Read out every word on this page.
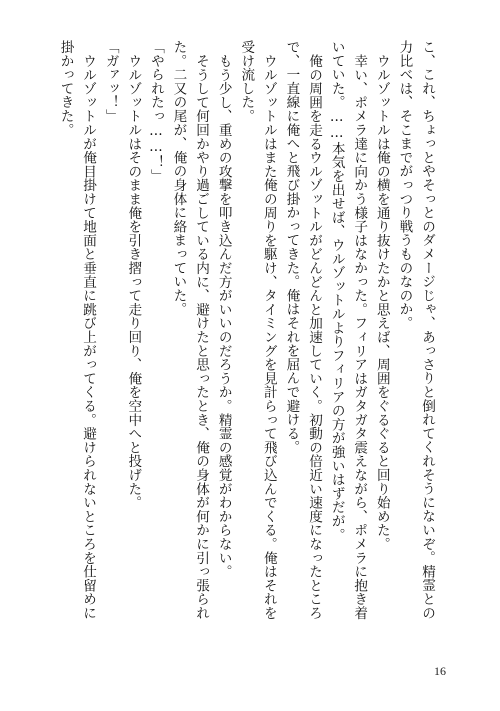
こ、これ、ちょっとやそっとのダメージじゃ、あっさりと倒れてくれそうにないぞ。精霊との力比べは、そこまでがっつり戦うものなのか。

ウルゾットルは俺の横を通り抜けたかと思えば、周囲をぐるぐると回り始めた。

幸い、ポメラ達に向かう様子はなかった。フィリアはガタガタ震えながら、ポメラに抱き着いていた。……本気を出せば、ウルゾットルよりフィリアの方が強いはずだが。

俺の周囲を走るウルゾットルがどんどんと加速していく。初動の倍近い速度になったところで、一直線に俺へと飛び掛かってきた。俺はそれを屈んで避ける。

ウルゾットルはまた俺の周りを駆け、タイミングを見計らって飛び込んでくる。俺はそれを受け流した。

もう少し、重めの攻撃を叩き込んだ方がいいのだろうか。精霊の感覚がわからない。

そうして何回かやり過ごしている内に、避けたと思ったとき、俺の身体が何かに引っ張られた。二又の尾が、俺の身体に絡まっていた。

「やられたっ……！」

ウルゾットルはそのまま俺を引き摺って走り回り、俺を空中へと投げた。

「ガァッ！」

ウルゾットルが俺目掛けて地面と垂直に跳び上がってくる。避けられないところを仕留めに掛かってきた。

16
